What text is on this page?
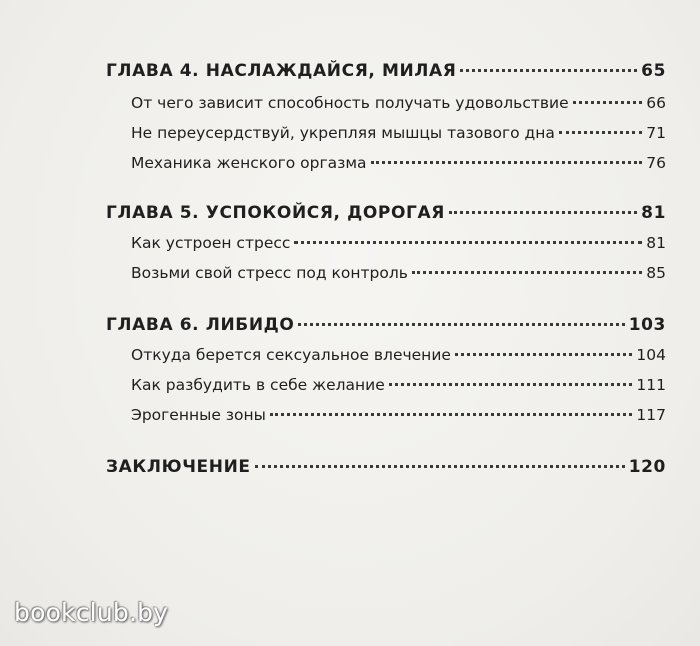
ГЛАВА 4. НАСЛАЖДАЙСЯ, МИЛАЯ	65
От чего зависит способность получать удовольствие	66
Не переусердствуй, укрепляя мышцы тазового дна	71
Механика женского оргазма	76
ГЛАВА 5. УСПОКОЙСЯ, ДОРОГАЯ	81
Как устроен стресс	81
Возьми свой стресс под контроль	85
ГЛАВА 6. ЛИБИДО	103
Откуда берется сексуальное влечение	104
Как разбудить в себе желание	111
Эрогенные зоны	117
ЗАКЛЮЧЕНИЕ	120
bookclub.by
